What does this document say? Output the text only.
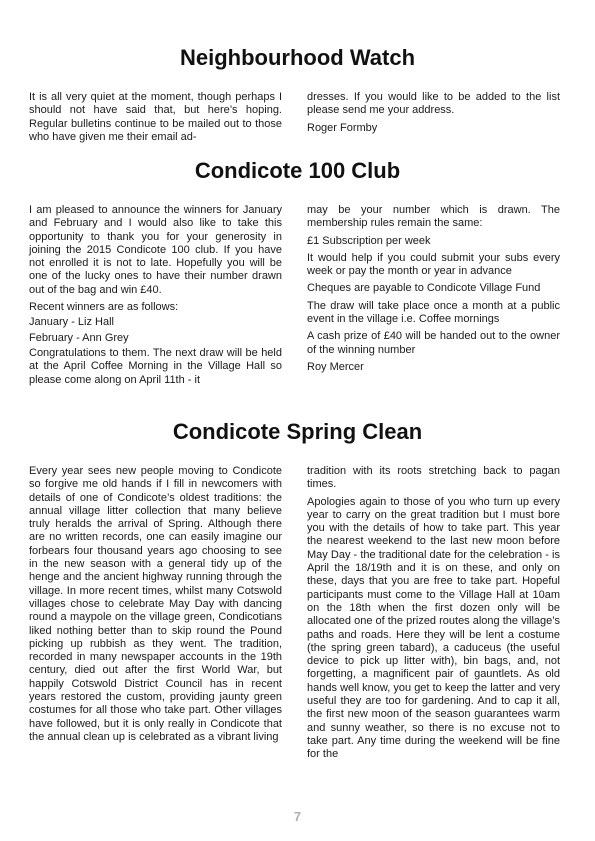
Neighbourhood Watch

It is all very quiet at the moment, though perhaps I should not have said that, but here’s hoping. Regular bulletins continue to be mailed out to those who have given me their email ad-

dresses. If you would like to be added to the list please send me your address.

Roger Formby

Condicote 100 Club

I am pleased to announce the winners for January and February and I would also like to take this opportunity to thank you for your generosity in joining the 2015 Condicote 100 club. If you have not enrolled it is not to late. Hopefully you will be one of the lucky ones to have their number drawn out of the bag and win £40.

Recent winners are as follows:

January - Liz Hall

February - Ann Grey

Congratulations to them. The next draw will be held at the April Coffee Morning in the Village Hall so please come along on April 11th - it

may be your number which is drawn. The membership rules remain the same:

£1 Subscription per week

It would help if you could submit your subs every week or pay the month or year in advance

Cheques are payable to Condicote Village Fund

The draw will take place once a month at a public event in the village i.e. Coffee mornings

A cash prize of £40 will be handed out to the owner of the winning number

Roy Mercer

Condicote Spring Clean

Every year sees new people moving to Condicote so forgive me old hands if I fill in newcomers with details of one of Condicote’s oldest traditions: the annual village litter collection that many believe truly heralds the arrival of Spring. Although there are no written records, one can easily imagine our forbears four thousand years ago choosing to see in the new season with a general tidy up of the henge and the ancient highway running through the village. In more recent times, whilst many Cotswold villages chose to celebrate May Day with dancing round a maypole on the village green, Condicotians liked nothing better than to skip round the Pound picking up rubbish as they went. The tradition, recorded in many newspaper accounts in the 19th century, died out after the first World War, but happily Cotswold District Council has in recent years restored the custom, providing jaunty green costumes for all those who take part. Other villages have followed, but it is only really in Condicote that the annual clean up is celebrated as a vibrant living

tradition with its roots stretching back to pagan times.

Apologies again to those of you who turn up every year to carry on the great tradition but I must bore you with the details of how to take part. This year the nearest weekend to the last new moon before May Day - the traditional date for the celebration - is April the 18/19th and it is on these, and only on these, days that you are free to take part. Hopeful participants must come to the Village Hall at 10am on the 18th when the first dozen only will be allocated one of the prized routes along the village’s paths and roads. Here they will be lent a costume (the spring green tabard), a caduceus (the useful device to pick up litter with), bin bags, and, not forgetting, a magnificent pair of gauntlets. As old hands well know, you get to keep the latter and very useful they are too for gardening. And to cap it all, the first new moon of the season guarantees warm and sunny weather, so there is no excuse not to take part. Any time during the weekend will be fine for the

7
